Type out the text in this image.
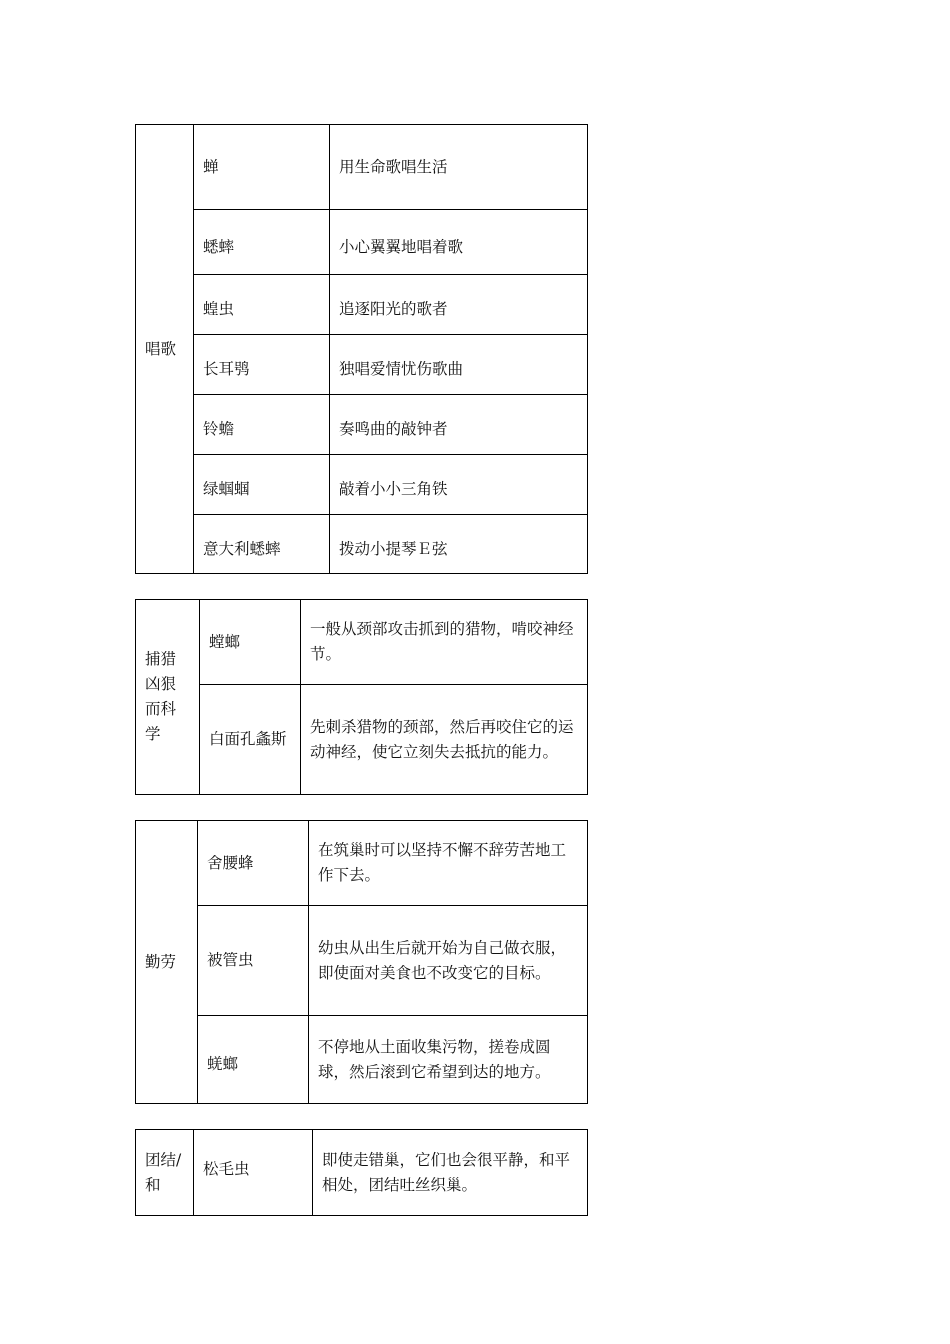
唱歌	蝉	用生命歌唱生活
	蟋蟀	小心翼翼地唱着歌
	蝗虫	追逐阳光的歌者
	长耳鸮	独唱爱情忧伤歌曲
	铃蟾	奏鸣曲的敲钟者
	绿蝈蝈	敲着小小三角铁
	意大利蟋蟀	拨动小提琴Ｅ弦
捕猎凶狠而科学	螳螂	一般从颈部攻击抓到的猎物，啃咬神经节。
	白面孔螽斯	先刺杀猎物的颈部，然后再咬住它的运动神经，使它立刻失去抵抗的能力。
勤劳	舍腰蜂	在筑巢时可以坚持不懈不辞劳苦地工作下去。
	被管虫	幼虫从出生后就开始为自己做衣服，即使面对美食也不改变它的目标。
	蜣螂	不停地从土面收集污物，搓卷成圆球，然后滚到它希望到达的地方。
团结/和	松毛虫	即使走错巢，它们也会很平静，和平相处，团结吐丝织巢。
